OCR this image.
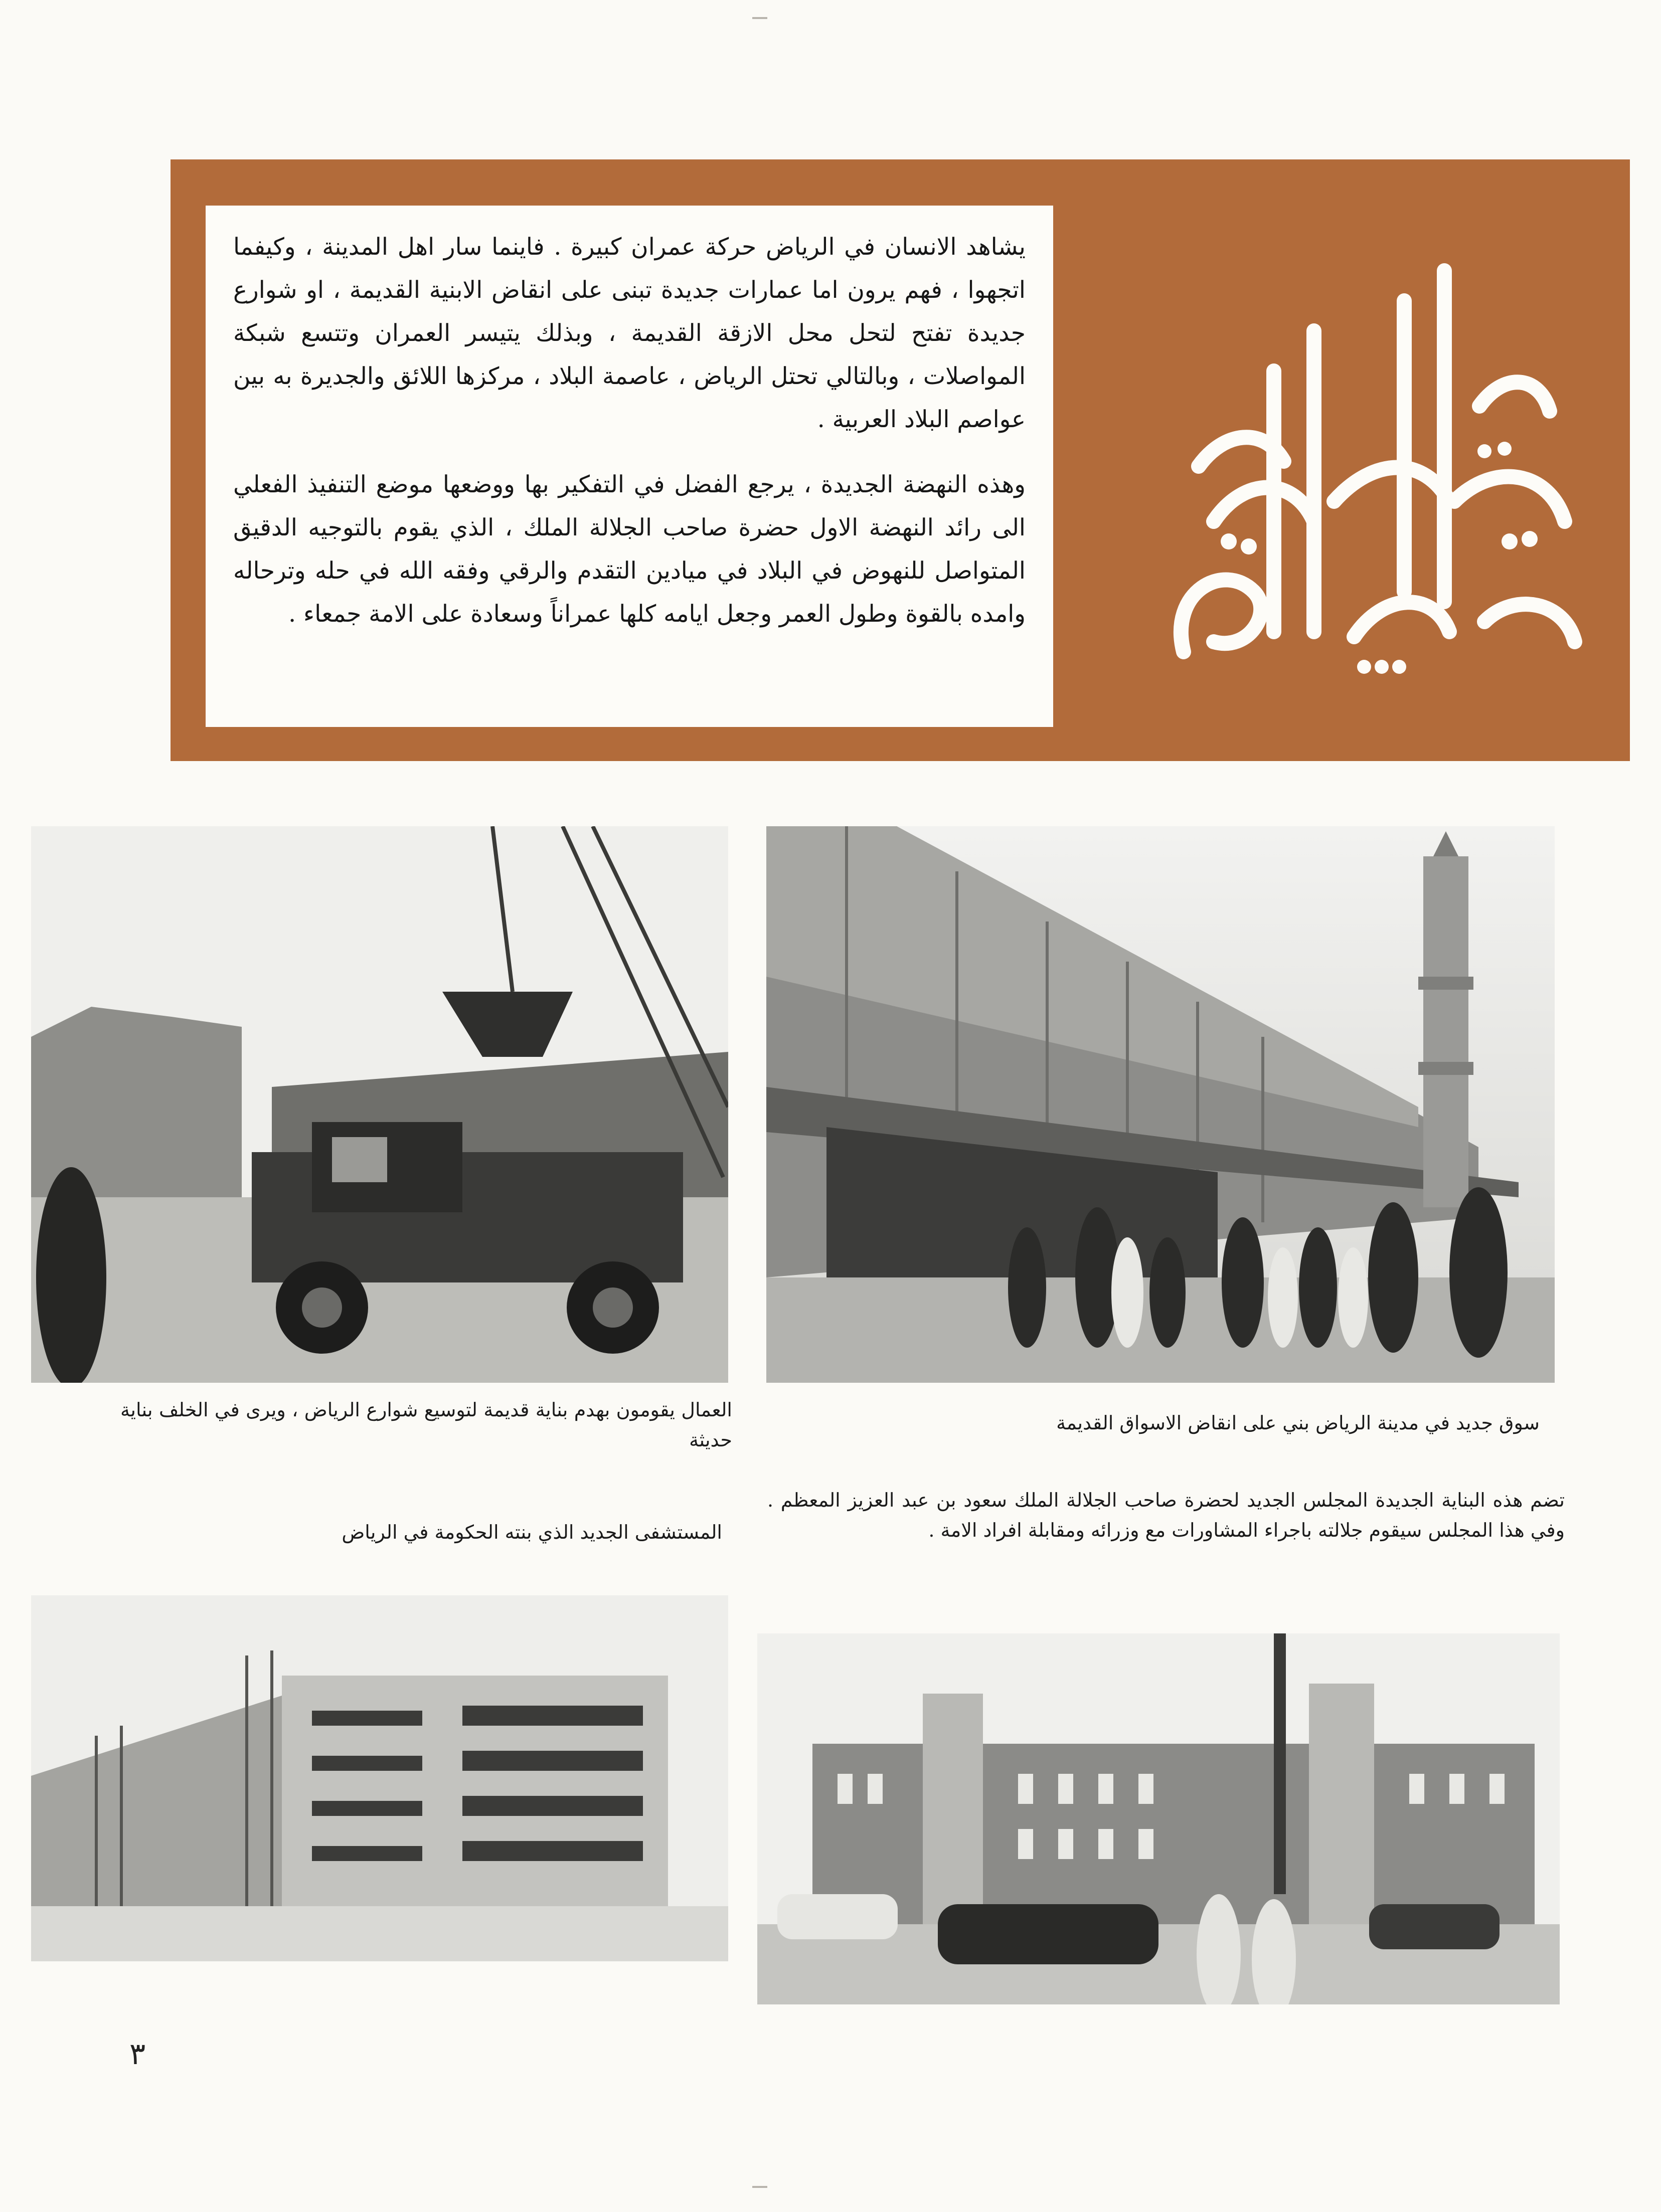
يشاهد الانسان في الرياض حركة عمران كبيرة . فاينما سار اهل المدينة ، وكيفما اتجهوا ، فهم يرون اما عمارات جديدة تبنى على انقاض الابنية القديمة ، او شوارع جديدة تفتح لتحل محل الازقة القديمة ، وبذلك يتيسر العمران وتتسع شبكة المواصلات ، وبالتالي تحتل الرياض ، عاصمة البلاد ، مركزها اللائق والجديرة به بين عواصم البلاد العربية .

وهذه النهضة الجديدة ، يرجع الفضل في التفكير بها ووضعها موضع التنفيذ الفعلي الى رائد النهضة الاول حضرة صاحب الجلالة الملك ، الذي يقوم بالتوجيه الدقيق المتواصل للنهوض في البلاد في ميادين التقدم والرقي وفقه الله في حله وترحاله وامده بالقوة وطول العمر وجعل ايامه كلها عمراناً وسعادة على الامة جمعاء .

سوق جديد في مدينة الرياض بني على انقاض الاسواق القديمة
العمال يقومون بهدم بناية قديمة لتوسيع شوارع الرياض ، ويرى في الخلف بناية حديثة
تضم هذه البناية الجديدة المجلس الجديد لحضرة صاحب الجلالة الملك سعود بن عبد العزيز المعظم . وفي هذا المجلس سيقوم جلالته باجراء المشاورات مع وزرائه ومقابلة افراد الامة .
المستشفى الجديد الذي بنته الحكومة في الرياض
٣
